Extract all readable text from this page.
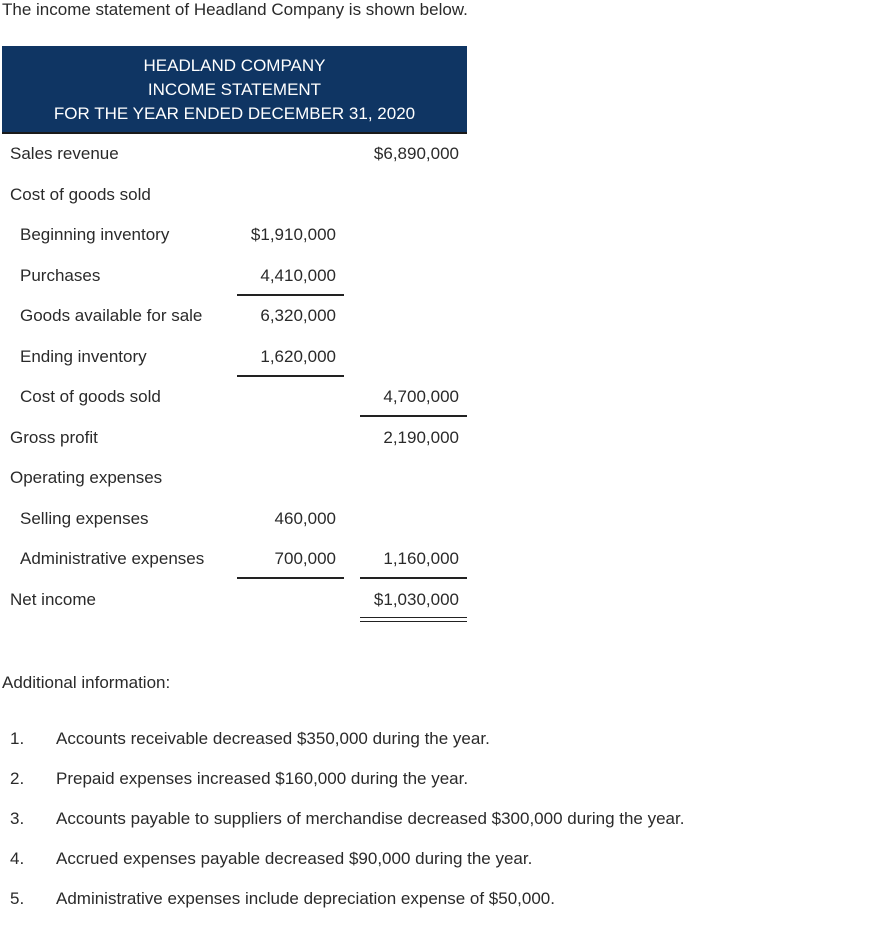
The income statement of Headland Company is shown below.
HEADLAND COMPANY
INCOME STATEMENT
FOR THE YEAR ENDED DECEMBER 31, 2020
Sales revenue	$6,890,000
Cost of goods sold
Beginning inventory	$1,910,000
Purchases	4,410,000
Goods available for sale	6,320,000
Ending inventory	1,620,000
Cost of goods sold	4,700,000
Gross profit	2,190,000
Operating expenses
Selling expenses	460,000
Administrative expenses	700,000	1,160,000
Net income	$1,030,000
Additional information:
1. Accounts receivable decreased $350,000 during the year.
2. Prepaid expenses increased $160,000 during the year.
3. Accounts payable to suppliers of merchandise decreased $300,000 during the year.
4. Accrued expenses payable decreased $90,000 during the year.
5. Administrative expenses include depreciation expense of $50,000.
